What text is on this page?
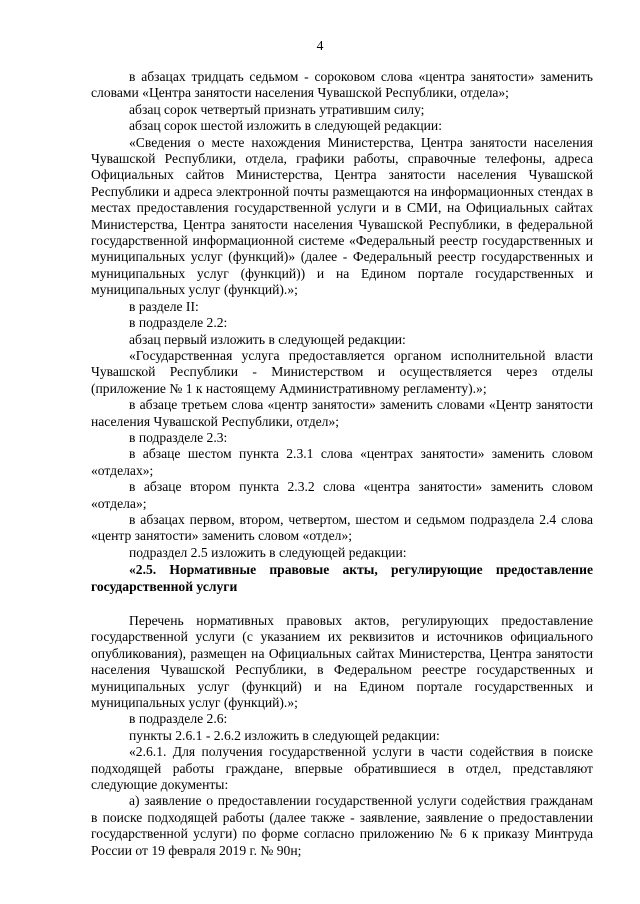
4

в абзацах тридцать седьмом - сороковом слова «центра занятости» заменить словами «Центра занятости населения Чувашской Республики, отдела»;

абзац сорок четвертый признать утратившим силу;

абзац сорок шестой изложить в следующей редакции:

«Сведения о месте нахождения Министерства, Центра занятости населения Чувашской Республики, отдела, графики работы, справочные телефоны, адреса Официальных сайтов Министерства, Центра занятости населения Чувашской Республики и адреса электронной почты размещаются на информационных стендах в местах предоставления государственной услуги и в СМИ, на Официальных сайтах Министерства, Центра занятости населения Чувашской Республики, в федеральной государственной информационной системе «Федеральный реестр государственных и муниципальных услуг (функций)» (далее - Федеральный реестр государственных и муниципальных услуг (функций)) и на Едином портале государственных и муниципальных услуг (функций).»;

в разделе II:

в подразделе 2.2:

абзац первый изложить в следующей редакции:

«Государственная услуга предоставляется органом исполнительной власти Чувашской Республики - Министерством и осуществляется через отделы (приложение № 1 к настоящему Административному регламенту).»;

в абзаце третьем слова «центр занятости» заменить словами «Центр занятости населения Чувашской Республики, отдел»;

в подразделе 2.3:

в абзаце шестом пункта 2.3.1 слова «центрах занятости» заменить словом «отделах»;

в абзаце втором пункта 2.3.2 слова «центра занятости» заменить словом «отдела»;

в абзацах первом, втором, четвертом, шестом и седьмом подраздела 2.4 слова «центр занятости» заменить словом «отдел»;

подраздел 2.5 изложить в следующей редакции:

«2.5. Нормативные правовые акты, регулирующие предоставление государственной услуги

Перечень нормативных правовых актов, регулирующих предоставление государственной услуги (с указанием их реквизитов и источников официального опубликования), размещен на Официальных сайтах Министерства, Центра занятости населения Чувашской Республики, в Федеральном реестре государственных и муниципальных услуг (функций) и на Едином портале государственных и муниципальных услуг (функций).»;

в подразделе 2.6:

пункты 2.6.1 - 2.6.2 изложить в следующей редакции:

«2.6.1. Для получения государственной услуги в части содействия в поиске подходящей работы граждане, впервые обратившиеся в отдел, представляют следующие документы:

а) заявление о предоставлении государственной услуги содействия гражданам в поиске подходящей работы (далее также - заявление, заявление о предоставлении государственной услуги) по форме согласно приложению № 6 к приказу Минтруда России от 19 февраля 2019 г. № 90н;
